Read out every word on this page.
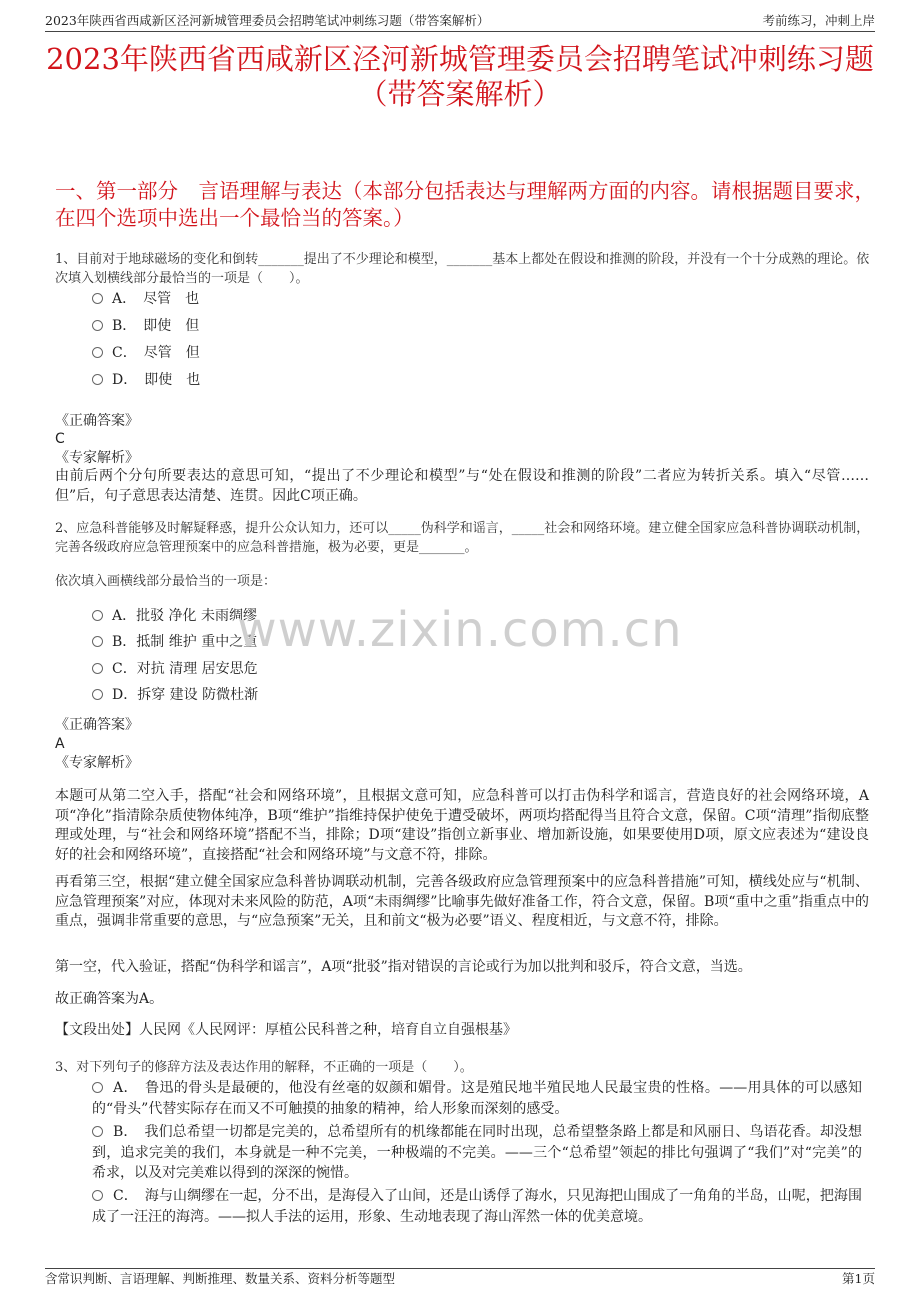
2023年陕西省西咸新区泾河新城管理委员会招聘笔试冲刺练习题（带答案解析）	考前练习，冲刺上岸
2023年陕西省西咸新区泾河新城管理委员会招聘笔试冲刺练习题（带答案解析）
一、第一部分　言语理解与表达（本部分包括表达与理解两方面的内容。请根据题目要求，在四个选项中选出一个最恰当的答案。）
1、目前对于地球磁场的变化和倒转_______提出了不少理论和模型，_______基本上都处在假设和推测的阶段，并没有一个十分成熟的理论。依次填入划横线部分最恰当的一项是（　　）。
A．　尽管　也
B．　即使　但
C．　尽管　但
D．　即使　也
《正确答案》
C
《专家解析》

由前后两个分句所要表达的意思可知，“提出了不少理论和模型”与“处在假设和推测的阶段”二者应为转折关系。填入“尽管……但”后，句子意思表达清楚、连贯。因此C项正确。

2、应急科普能够及时解疑释惑，提升公众认知力，还可以_____伪科学和谣言，_____社会和网络环境。建立健全国家应急科普协调联动机制，完善各级政府应急管理预案中的应急科普措施，极为必要，更是_______。
依次填入画横线部分最恰当的一项是：
A．批驳 净化 未雨绸缪
B．抵制 维护 重中之重
C．对抗 清理 居安思危
D．拆穿 建设 防微杜渐
www.zixin.com.cn
《正确答案》
A
《专家解析》

本题可从第二空入手，搭配“社会和网络环境”，且根据文意可知，应急科普可以打击伪科学和谣言，营造良好的社会网络环境，A项“净化”指清除杂质使物体纯净，B项“维护”指维持保护使免于遭受破坏，两项均搭配得当且符合文意，保留。C项“清理”指彻底整理或处理，与“社会和网络环境”搭配不当，排除；D项“建设”指创立新事业、增加新设施，如果要使用D项，原文应表述为“建设良好的社会和网络环境”，直接搭配“社会和网络环境”与文意不符，排除。

再看第三空，根据“建立健全国家应急科普协调联动机制，完善各级政府应急管理预案中的应急科普措施”可知，横线处应与“机制、应急管理预案”对应，体现对未来风险的防范，A项“未雨绸缪”比喻事先做好准备工作，符合文意，保留。B项“重中之重”指重点中的重点，强调非常重要的意思，与“应急预案”无关，且和前文“极为必要”语义、程度相近，与文意不符，排除。

第一空，代入验证，搭配“伪科学和谣言”，A项“批驳”指对错误的言论或行为加以批判和驳斥，符合文意，当选。

故正确答案为A。

【文段出处】人民网《人民网评：厚植公民科普之种，培育自立自强根基》

3、对下列句子的修辞方法及表达作用的解释，不正确的一项是（　　）。
A．　鲁迅的骨头是最硬的，他没有丝毫的奴颜和媚骨。这是殖民地半殖民地人民最宝贵的性格。——用具体的可以感知的“骨头”代替实际存在而又不可触摸的抽象的精神，给人形象而深刻的感受。
B．　我们总希望一切都是完美的，总希望所有的机缘都能在同时出现，总希望整条路上都是和风丽日、鸟语花香。却没想到，追求完美的我们，本身就是一种不完美，一种极端的不完美。——三个“总希望”领起的排比句强调了“我们”对“完美”的希求，以及对完美难以得到的深深的惋惜。
C．　海与山绸缪在一起，分不出，是海侵入了山间，还是山诱俘了海水，只见海把山围成了一角角的半岛，山呢，把海围成了一汪汪的海湾。——拟人手法的运用，形象、生动地表现了海山浑然一体的优美意境。
含常识判断、言语理解、判断推理、数量关系、资料分析等题型	第1页
